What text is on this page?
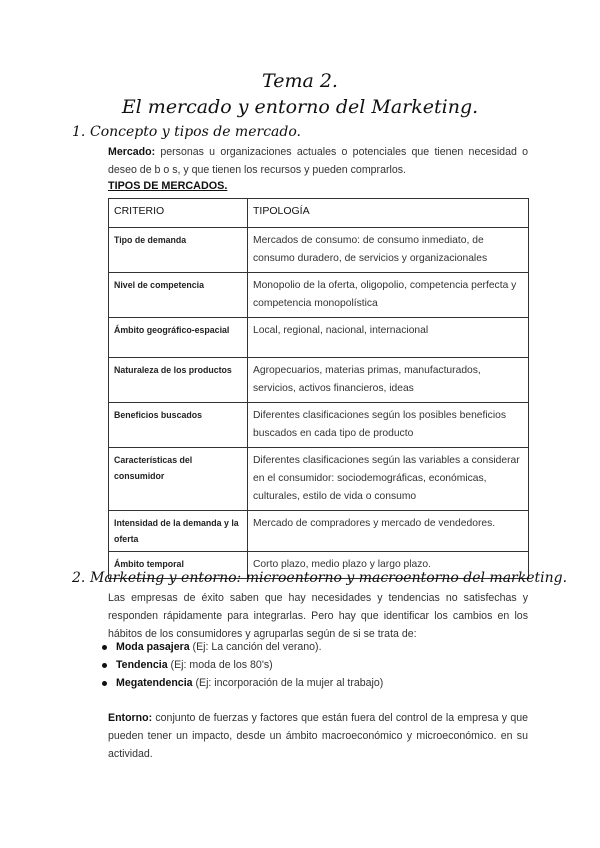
Tema 2.
El mercado y entorno del Marketing.
1. Concepto y tipos de mercado.

Mercado: personas u organizaciones actuales o potenciales que tienen necesidad o deseo de b o s, y que tienen los recursos y pueden comprarlos.

TIPOS DE MERCADOS.

CRITERIO	TIPOLOGÍA
Tipo de demanda	Mercados de consumo: de consumo inmediato, de consumo duradero, de servicios y organizacionales
Nivel de competencia	Monopolio de la oferta, oligopolio, competencia perfecta y competencia monopolística
Ámbito geográfico-espacial	Local, regional, nacional, internacional
Naturaleza de los productos	Agropecuarios, materias primas, manufacturados, servicios, activos financieros, ideas
Beneficios buscados	Diferentes clasificaciones según los posibles beneficios buscados en cada tipo de producto
Características del consumidor	Diferentes clasificaciones según las variables a considerar en el consumidor: sociodemográficas, económicas, culturales, estilo de vida o consumo
Intensidad de la demanda y la oferta	Mercado de compradores y mercado de vendedores.
Ámbito temporal	Corto plazo, medio plazo y largo plazo.
2. Marketing y entorno: microentorno y macroentorno del marketing.

Las empresas de éxito saben que hay necesidades y tendencias no satisfechas y responden rápidamente para integrarlas. Pero hay que identificar los cambios en los hábitos de los consumidores y agruparlas según de si se trata de:

Moda pasajera (Ej: La canción del verano).
Tendencia (Ej: moda de los 80's)
Megatendencia (Ej: incorporación de la mujer al trabajo)

Entorno: conjunto de fuerzas y factores que están fuera del control de la empresa y que pueden tener un impacto, desde un ámbito macroeconómico y microeconómico. en su actividad.
